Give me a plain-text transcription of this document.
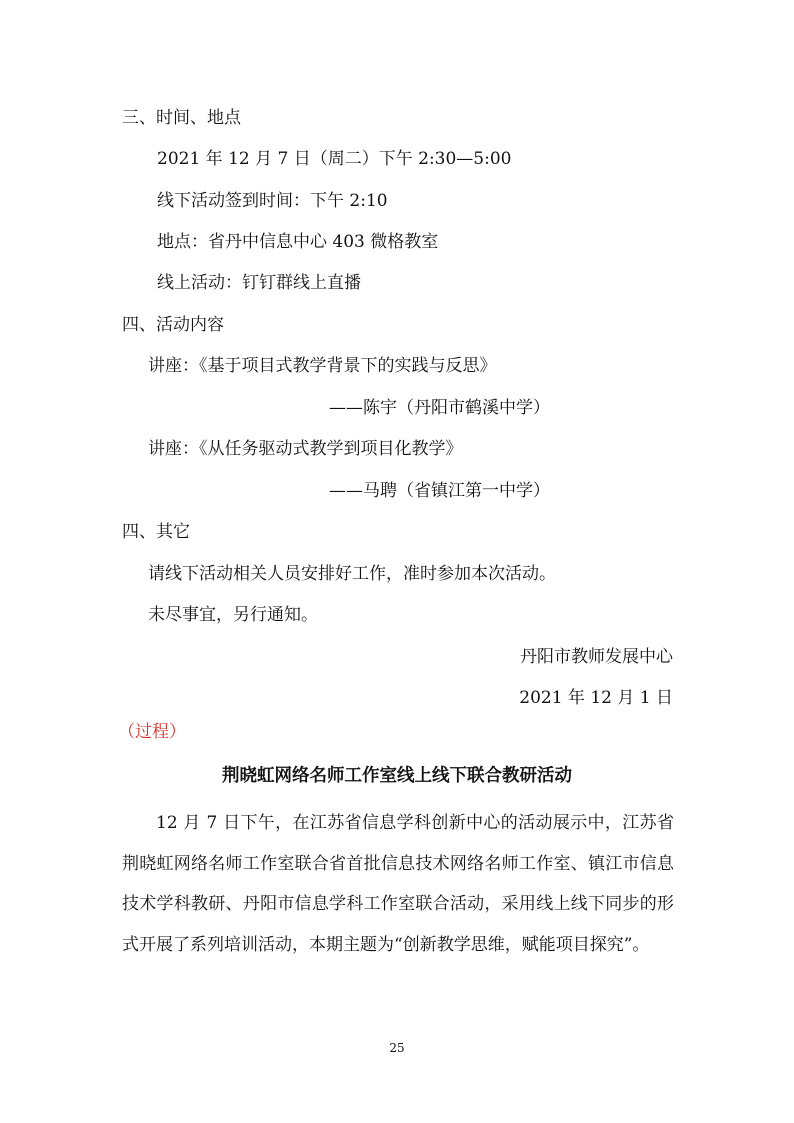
三、时间、地点
2021 年 12 月 7 日（周二）下午 2:30—5:00
线下活动签到时间：下午 2:10
地点：省丹中信息中心 403 微格教室
线上活动：钉钉群线上直播
四、活动内容
讲座：《基于项目式教学背景下的实践与反思》
——陈宇（丹阳市鹤溪中学）
讲座：《从任务驱动式教学到项目化教学》
——马聘（省镇江第一中学）
四、其它
请线下活动相关人员安排好工作，准时参加本次活动。
未尽事宜，另行通知。
丹阳市教师发展中心
2021 年 12 月 1 日
（过程）
荆晓虹网络名师工作室线上线下联合教研活动
12 月 7 日下午，在江苏省信息学科创新中心的活动展示中，江苏省荆晓虹网络名师工作室联合省首批信息技术网络名师工作室、镇江市信息技术学科教研、丹阳市信息学科工作室联合活动，采用线上线下同步的形式开展了系列培训活动，本期主题为“创新教学思维，赋能项目探究”。
25
